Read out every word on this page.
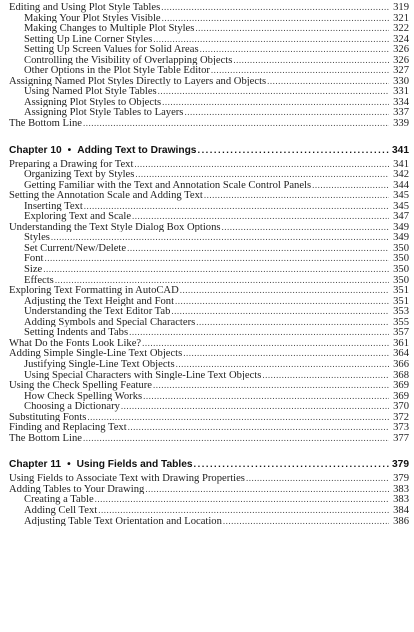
Editing and Using Plot Style Tables .....	319
Making Your Plot Styles Visible .....	321
Making Changes to Multiple Plot Styles .....	322
Setting Up Line Corner Styles .....	324
Setting Up Screen Values for Solid Areas .....	326
Controlling the Visibility of Overlapping Objects .....	326
Other Options in the Plot Style Table Editor .....	327
Assigning Named Plot Styles Directly to Layers and Objects .....	330
Using Named Plot Style Tables .....	331
Assigning Plot Styles to Objects .....	334
Assigning Plot Style Tables to Layers .....	337
The Bottom Line .....	339
Chapter 10 • Adding Text to Drawings .....	341
Preparing a Drawing for Text .....	341
Organizing Text by Styles .....	342
Getting Familiar with the Text and Annotation Scale Control Panels .....	344
Setting the Annotation Scale and Adding Text .....	345
Inserting Text .....	345
Exploring Text and Scale .....	347
Understanding the Text Style Dialog Box Options .....	349
Styles .....	349
Set Current/New/Delete .....	350
Font .....	350
Size .....	350
Effects .....	350
Exploring Text Formatting in AutoCAD .....	351
Adjusting the Text Height and Font .....	351
Understanding the Text Editor Tab .....	353
Adding Symbols and Special Characters .....	355
Setting Indents and Tabs .....	357
What Do the Fonts Look Like? .....	361
Adding Simple Single-Line Text Objects .....	364
Justifying Single-Line Text Objects .....	366
Using Special Characters with Single-Line Text Objects .....	368
Using the Check Spelling Feature .....	369
How Check Spelling Works .....	369
Choosing a Dictionary .....	370
Substituting Fonts .....	372
Finding and Replacing Text .....	373
The Bottom Line .....	377
Chapter 11 • Using Fields and Tables .....	379
Using Fields to Associate Text with Drawing Properties .....	379
Adding Tables to Your Drawing .....	383
Creating a Table .....	383
Adding Cell Text .....	384
Adjusting Table Text Orientation and Location .....	386
